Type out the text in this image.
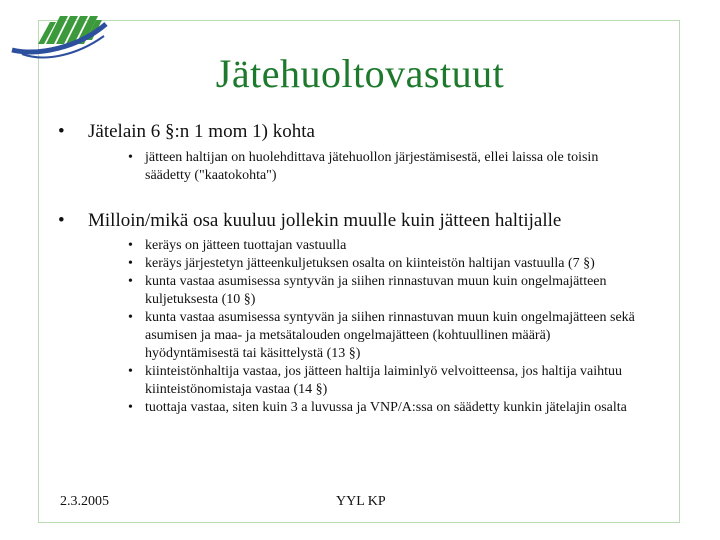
Jätehuoltovastuut
• Jätelain 6 §:n 1 mom 1) kohta
• jätteen haltijan on huolehdittava jätehuollon järjestämisestä, ellei laissa ole toisin säädetty ("kaatokohta")
• Milloin/mikä osa kuuluu jollekin muulle kuin jätteen haltijalle
• keräys on jätteen tuottajan vastuulla
• keräys järjestetyn jätteenkuljetuksen osalta on kiinteistön haltijan vastuulla (7 §)
• kunta vastaa asumisessa syntyvän ja siihen rinnastuvan muun kuin ongelmajätteen kuljetuksesta (10 §)
• kunta vastaa asumisessa syntyvän ja siihen rinnastuvan muun kuin ongelmajätteen sekä asumisen ja maa- ja metsätalouden ongelmajätteen (kohtuullinen määrä) hyödyntämisestä tai käsittelystä (13 §)
• kiinteistönhaltija vastaa, jos jätteen haltija laiminlyö velvoitteensa, jos haltija vaihtuu kiinteistönomistaja vastaa (14 §)
• tuottaja vastaa, siten kuin 3 a luvussa ja VNP/A:ssa on säädetty kunkin jätelajin osalta
2.3.2005	YYL KP
